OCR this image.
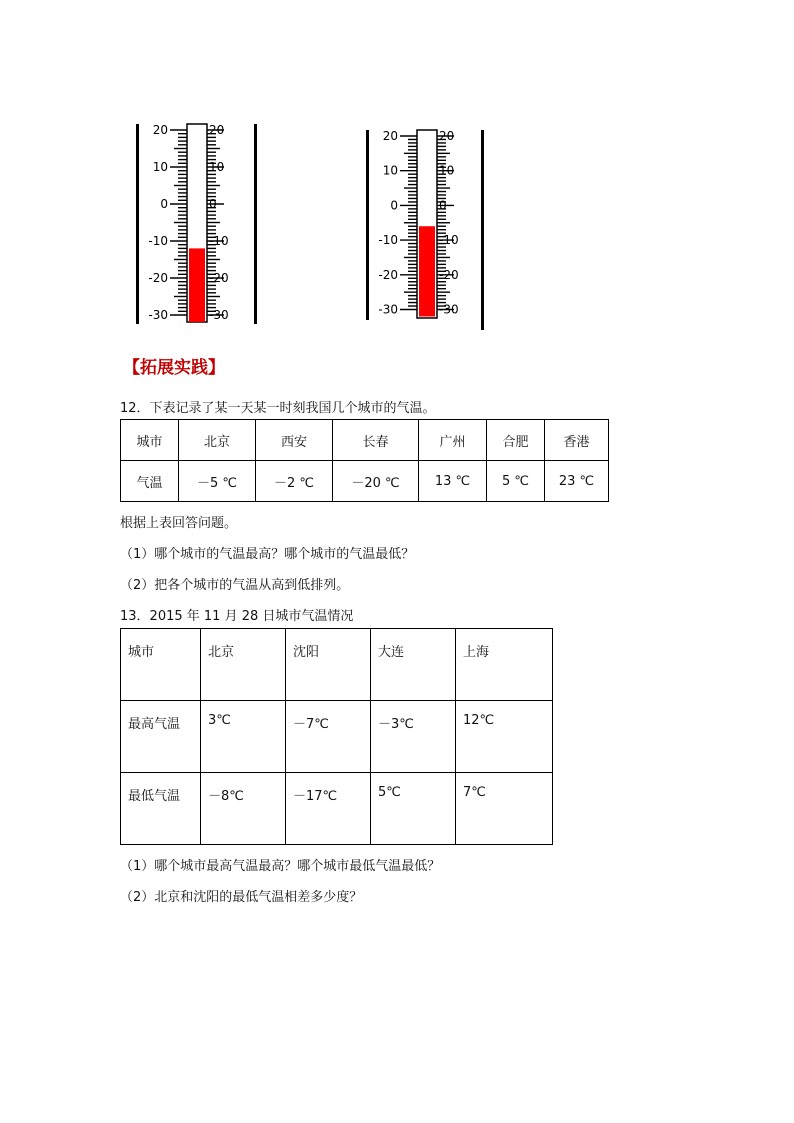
20
10
0
-10
-20
-30
20
10
0
-10
-20
-30
20
10
0
-10
-20
-30
20
10
0
-10
-20
-30
【拓展实践】
12．下表记录了某一天某一时刻我国几个城市的气温。
城市	北京	西安	长春	广州	合肥	香港
气温	－5 ℃	－2 ℃	－20 ℃	13 ℃	5 ℃	23 ℃
根据上表回答问题。
（1）哪个城市的气温最高？哪个城市的气温最低？
（2）把各个城市的气温从高到低排列。
13．2015 年 11 月 28 日城市气温情况
城市	北京	沈阳	大连	上海
最高气温	3℃	－7℃	－3℃	12℃
最低气温	－8℃	－17℃	5℃	7℃
（1）哪个城市最高气温最高？哪个城市最低气温最低？
（2）北京和沈阳的最低气温相差多少度？
